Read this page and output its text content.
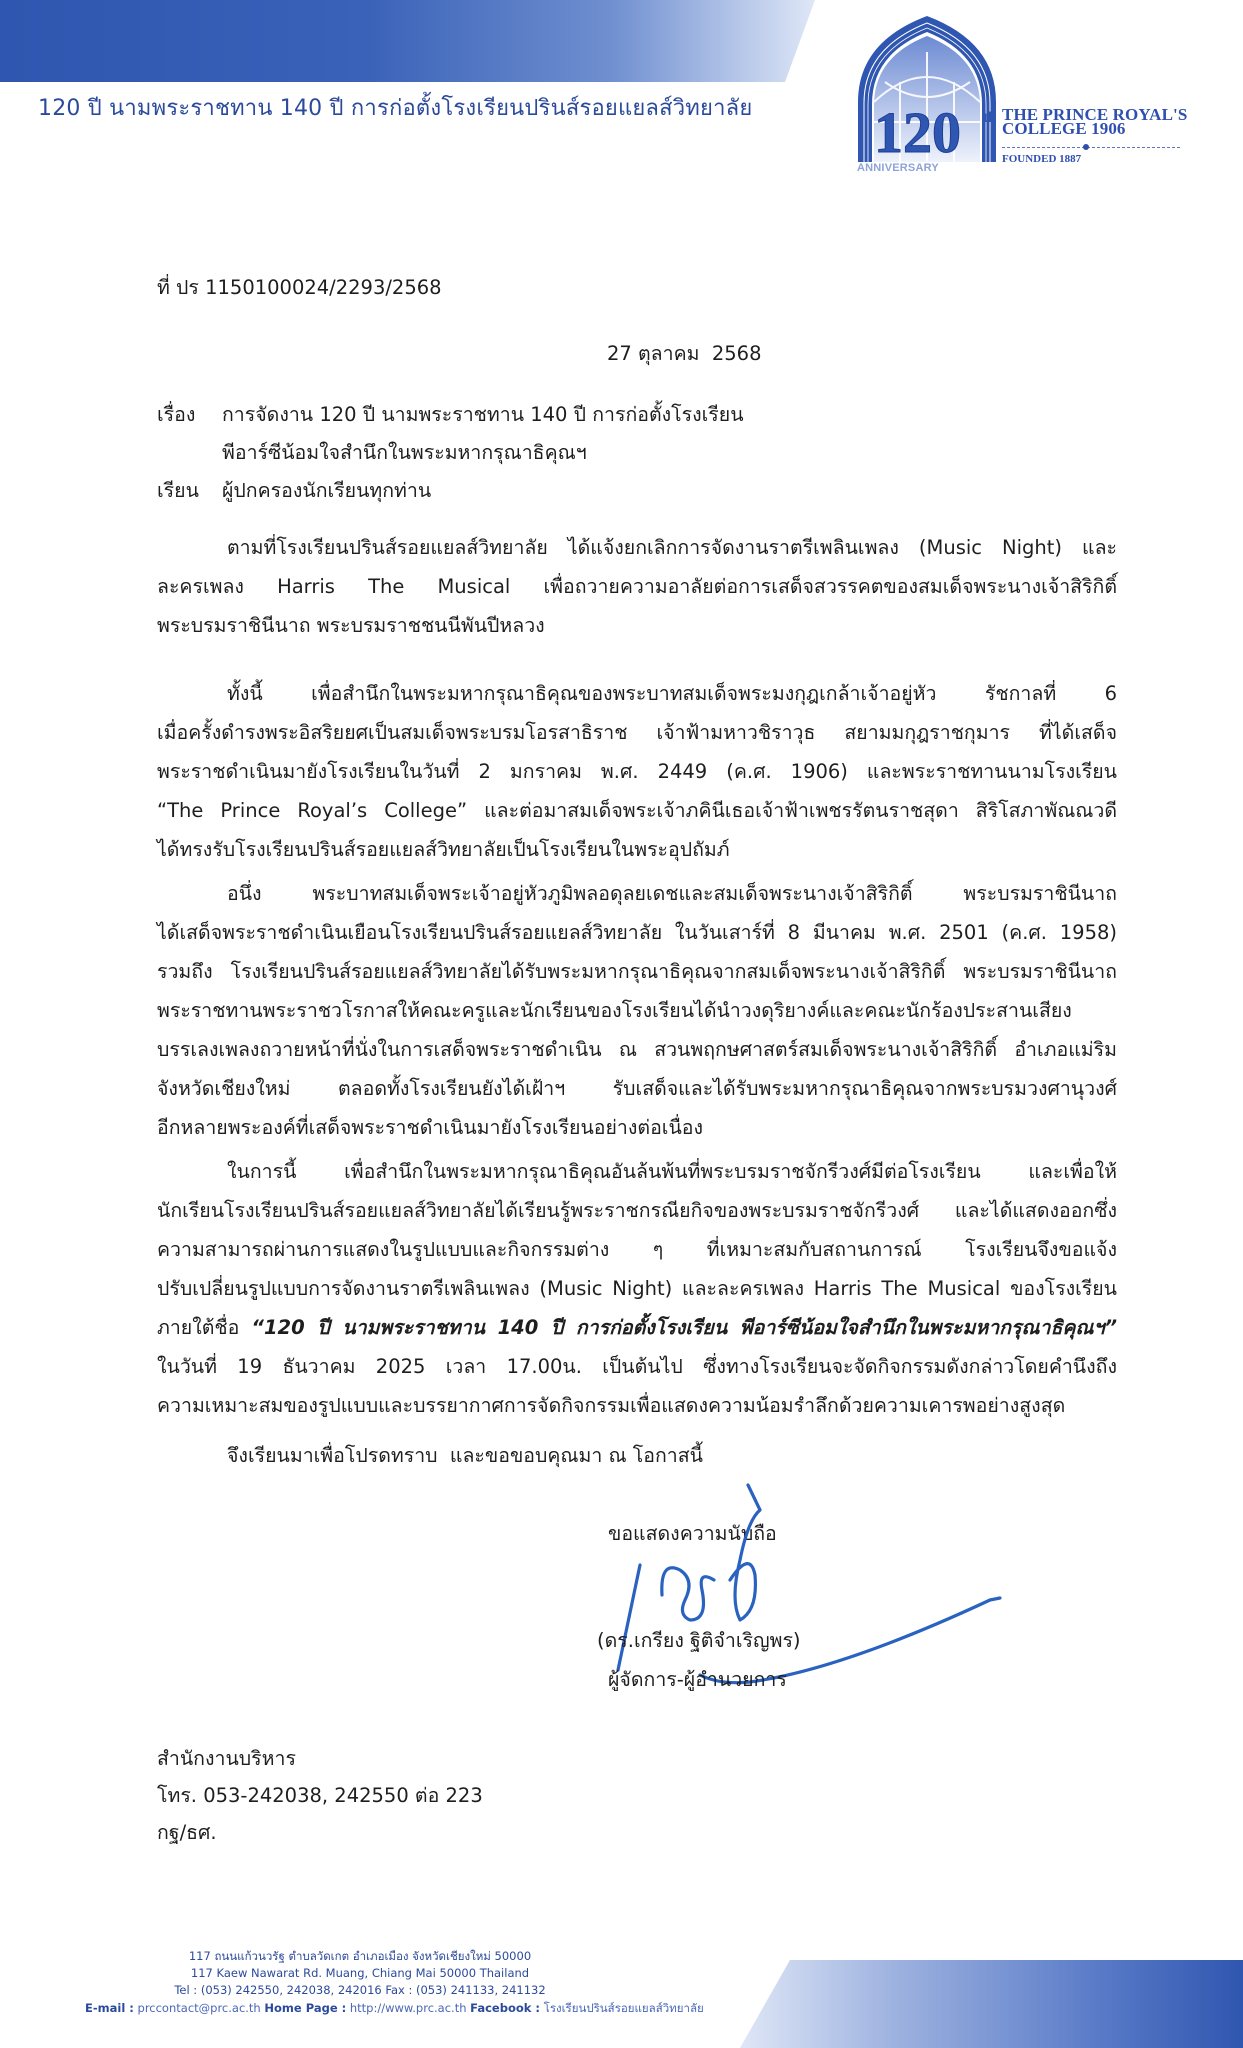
120 ปี นามพระราชทาน 140 ปี การก่อตั้งโรงเรียนปรินส์รอยแยลส์วิทยาลัย 120 th THE PRINCE ROYAL'S
COLLEGE 1906
FOUNDED 1887
ANNIVERSARY
ที่ ปร 1150100024/2293/2568
27 ตุลาคม  2568
เรื่อง	การจัดงาน 120 ปี นามพระราชทาน 140 ปี การก่อตั้งโรงเรียน
พีอาร์ซีน้อมใจสำนึกในพระมหากรุณาธิคุณฯ
เรียน	ผู้ปกครองนักเรียนทุกท่าน
ตามที่โรงเรียนปรินส์รอยแยลส์วิทยาลัย ได้แจ้งยกเลิกการจัดงานราตรีเพลินเพลง (Music Night) และ
ละครเพลง Harris The Musical เพื่อถวายความอาลัยต่อการเสด็จสวรรคตของสมเด็จพระนางเจ้าสิริกิติ์
พระบรมราชินีนาถ พระบรมราชชนนีพันปีหลวง
ทั้งนี้ เพื่อสำนึกในพระมหากรุณาธิคุณของพระบาทสมเด็จพระมงกุฎเกล้าเจ้าอยู่หัว รัชกาลที่ 6
เมื่อครั้งดำรงพระอิสริยยศเป็นสมเด็จพระบรมโอรสาธิราช เจ้าฟ้ามหาวชิราวุธ สยามมกุฎราชกุมาร ที่ได้เสด็จ
พระราชดำเนินมายังโรงเรียนในวันที่ 2 มกราคม พ.ศ. 2449 (ค.ศ. 1906) และพระราชทานนามโรงเรียน
“The Prince Royal’s College” และต่อมาสมเด็จพระเจ้าภคินีเธอเจ้าฟ้าเพชรรัตนราชสุดา สิริโสภาพัณณวดี
ได้ทรงรับโรงเรียนปรินส์รอยแยลส์วิทยาลัยเป็นโรงเรียนในพระอุปถัมภ์
อนึ่ง พระบาทสมเด็จพระเจ้าอยู่หัวภูมิพลอดุลยเดชและสมเด็จพระนางเจ้าสิริกิติ์ พระบรมราชินีนาถ
ได้เสด็จพระราชดำเนินเยือนโรงเรียนปรินส์รอยแยลส์วิทยาลัย ในวันเสาร์ที่ 8 มีนาคม พ.ศ. 2501 (ค.ศ. 1958)
รวมถึง โรงเรียนปรินส์รอยแยลส์วิทยาลัยได้รับพระมหากรุณาธิคุณจากสมเด็จพระนางเจ้าสิริกิติ์ พระบรมราชินีนาถ
พระราชทานพระราชวโรกาสให้คณะครูและนักเรียนของโรงเรียนได้นำวงดุริยางค์และคณะนักร้องประสานเสียง
บรรเลงเพลงถวายหน้าที่นั่งในการเสด็จพระราชดำเนิน ณ สวนพฤกษศาสตร์สมเด็จพระนางเจ้าสิริกิติ์ อำเภอแม่ริม
จังหวัดเชียงใหม่ ตลอดทั้งโรงเรียนยังได้เฝ้าฯ รับเสด็จและได้รับพระมหากรุณาธิคุณจากพระบรมวงศานุวงศ์
อีกหลายพระองค์ที่เสด็จพระราชดำเนินมายังโรงเรียนอย่างต่อเนื่อง
ในการนี้ เพื่อสำนึกในพระมหากรุณาธิคุณอันล้นพ้นที่พระบรมราชจักรีวงศ์มีต่อโรงเรียน และเพื่อให้
นักเรียนโรงเรียนปรินส์รอยแยลส์วิทยาลัยได้เรียนรู้พระราชกรณียกิจของพระบรมราชจักรีวงศ์ และได้แสดงออกซึ่ง
ความสามารถผ่านการแสดงในรูปแบบและกิจกรรมต่าง ๆ ที่เหมาะสมกับสถานการณ์ โรงเรียนจึงขอแจ้ง
ปรับเปลี่ยนรูปแบบการจัดงานราตรีเพลินเพลง (Music Night) และละครเพลง Harris The Musical ของโรงเรียน
ภายใต้ชื่อ “120 ปี นามพระราชทาน 140 ปี การก่อตั้งโรงเรียน พีอาร์ซีน้อมใจสำนึกในพระมหากรุณาธิคุณฯ”
ในวันที่ 19 ธันวาคม 2025 เวลา 17.00น. เป็นต้นไป ซึ่งทางโรงเรียนจะจัดกิจกรรมดังกล่าวโดยคำนึงถึง
ความเหมาะสมของรูปแบบและบรรยากาศการจัดกิจกรรมเพื่อแสดงความน้อมรำลึกด้วยความเคารพอย่างสูงสุด
จึงเรียนมาเพื่อโปรดทราบ  และขอขอบคุณมา ณ โอกาสนี้
ขอแสดงความนับถือ
(ดร.เกรียง ฐิติจำเริญพร)
ผู้จัดการ-ผู้อำนวยการ
สำนักงานบริหาร
โทร. 053-242038, 242550 ต่อ 223
กฐ/ธศ.
117 ถนนแก้วนวรัฐ ตำบลวัดเกต อำเภอเมือง จังหวัดเชียงใหม่ 50000
117 Kaew Nawarat Rd. Muang, Chiang Mai 50000 Thailand
Tel : (053) 242550, 242038, 242016 Fax : (053) 241133, 241132
E-mail : prccontact@prc.ac.th Home Page : http://www.prc.ac.th Facebook : โรงเรียนปรินส์รอยแยลส์วิทยาลัย
